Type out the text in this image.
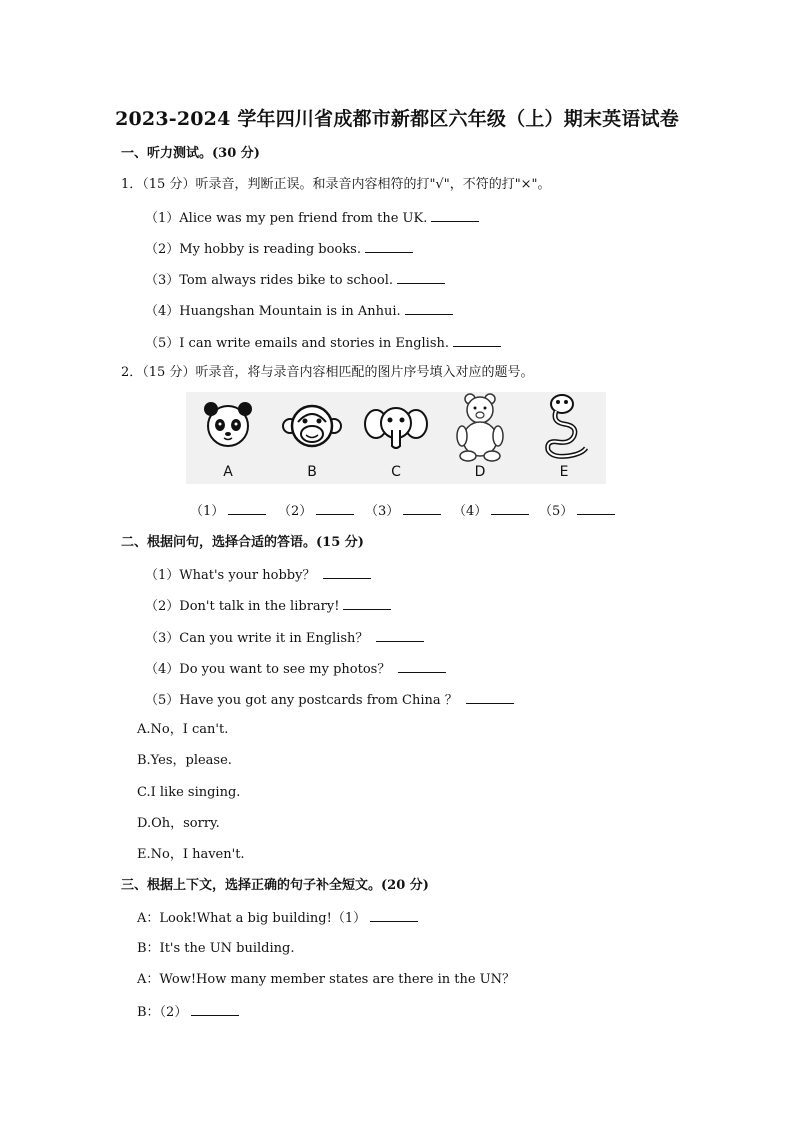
2023-2024 学年四川省成都市新都区六年级（上）期末英语试卷
一、听力测试。(30 分)
1．（15 分）听录音，判断正误。和录音内容相符的打"√"，不符的打"×"。
（1）Alice was my pen friend from the UK.
（2）My hobby is reading books.
（3）Tom always rides bike to school.
（4）Huangshan Mountain is in Anhui.
（5）I can write emails and stories in English.
2．（15 分）听录音，将与录音内容相匹配的图片序号填入对应的题号。
A	B	C	D	E
（1）	（2）	（3）	（4）	（5）
二、根据问句，选择合适的答语。(15 分)
（1）What's your hobby？
（2）Don't talk in the library!
（3）Can you write it in English？
（4）Do you want to see my photos？
（5）Have you got any postcards from China ？
A.No，I can't.
B.Yes，please.
C.I like singing.
D.Oh，sorry.
E.No，I haven't.
三、根据上下文，选择正确的句子补全短文。(20 分)
A：Look!What a big building!（1）
B：It's the UN building.
A：Wow!How many member states are there in the UN？
B：（2）
